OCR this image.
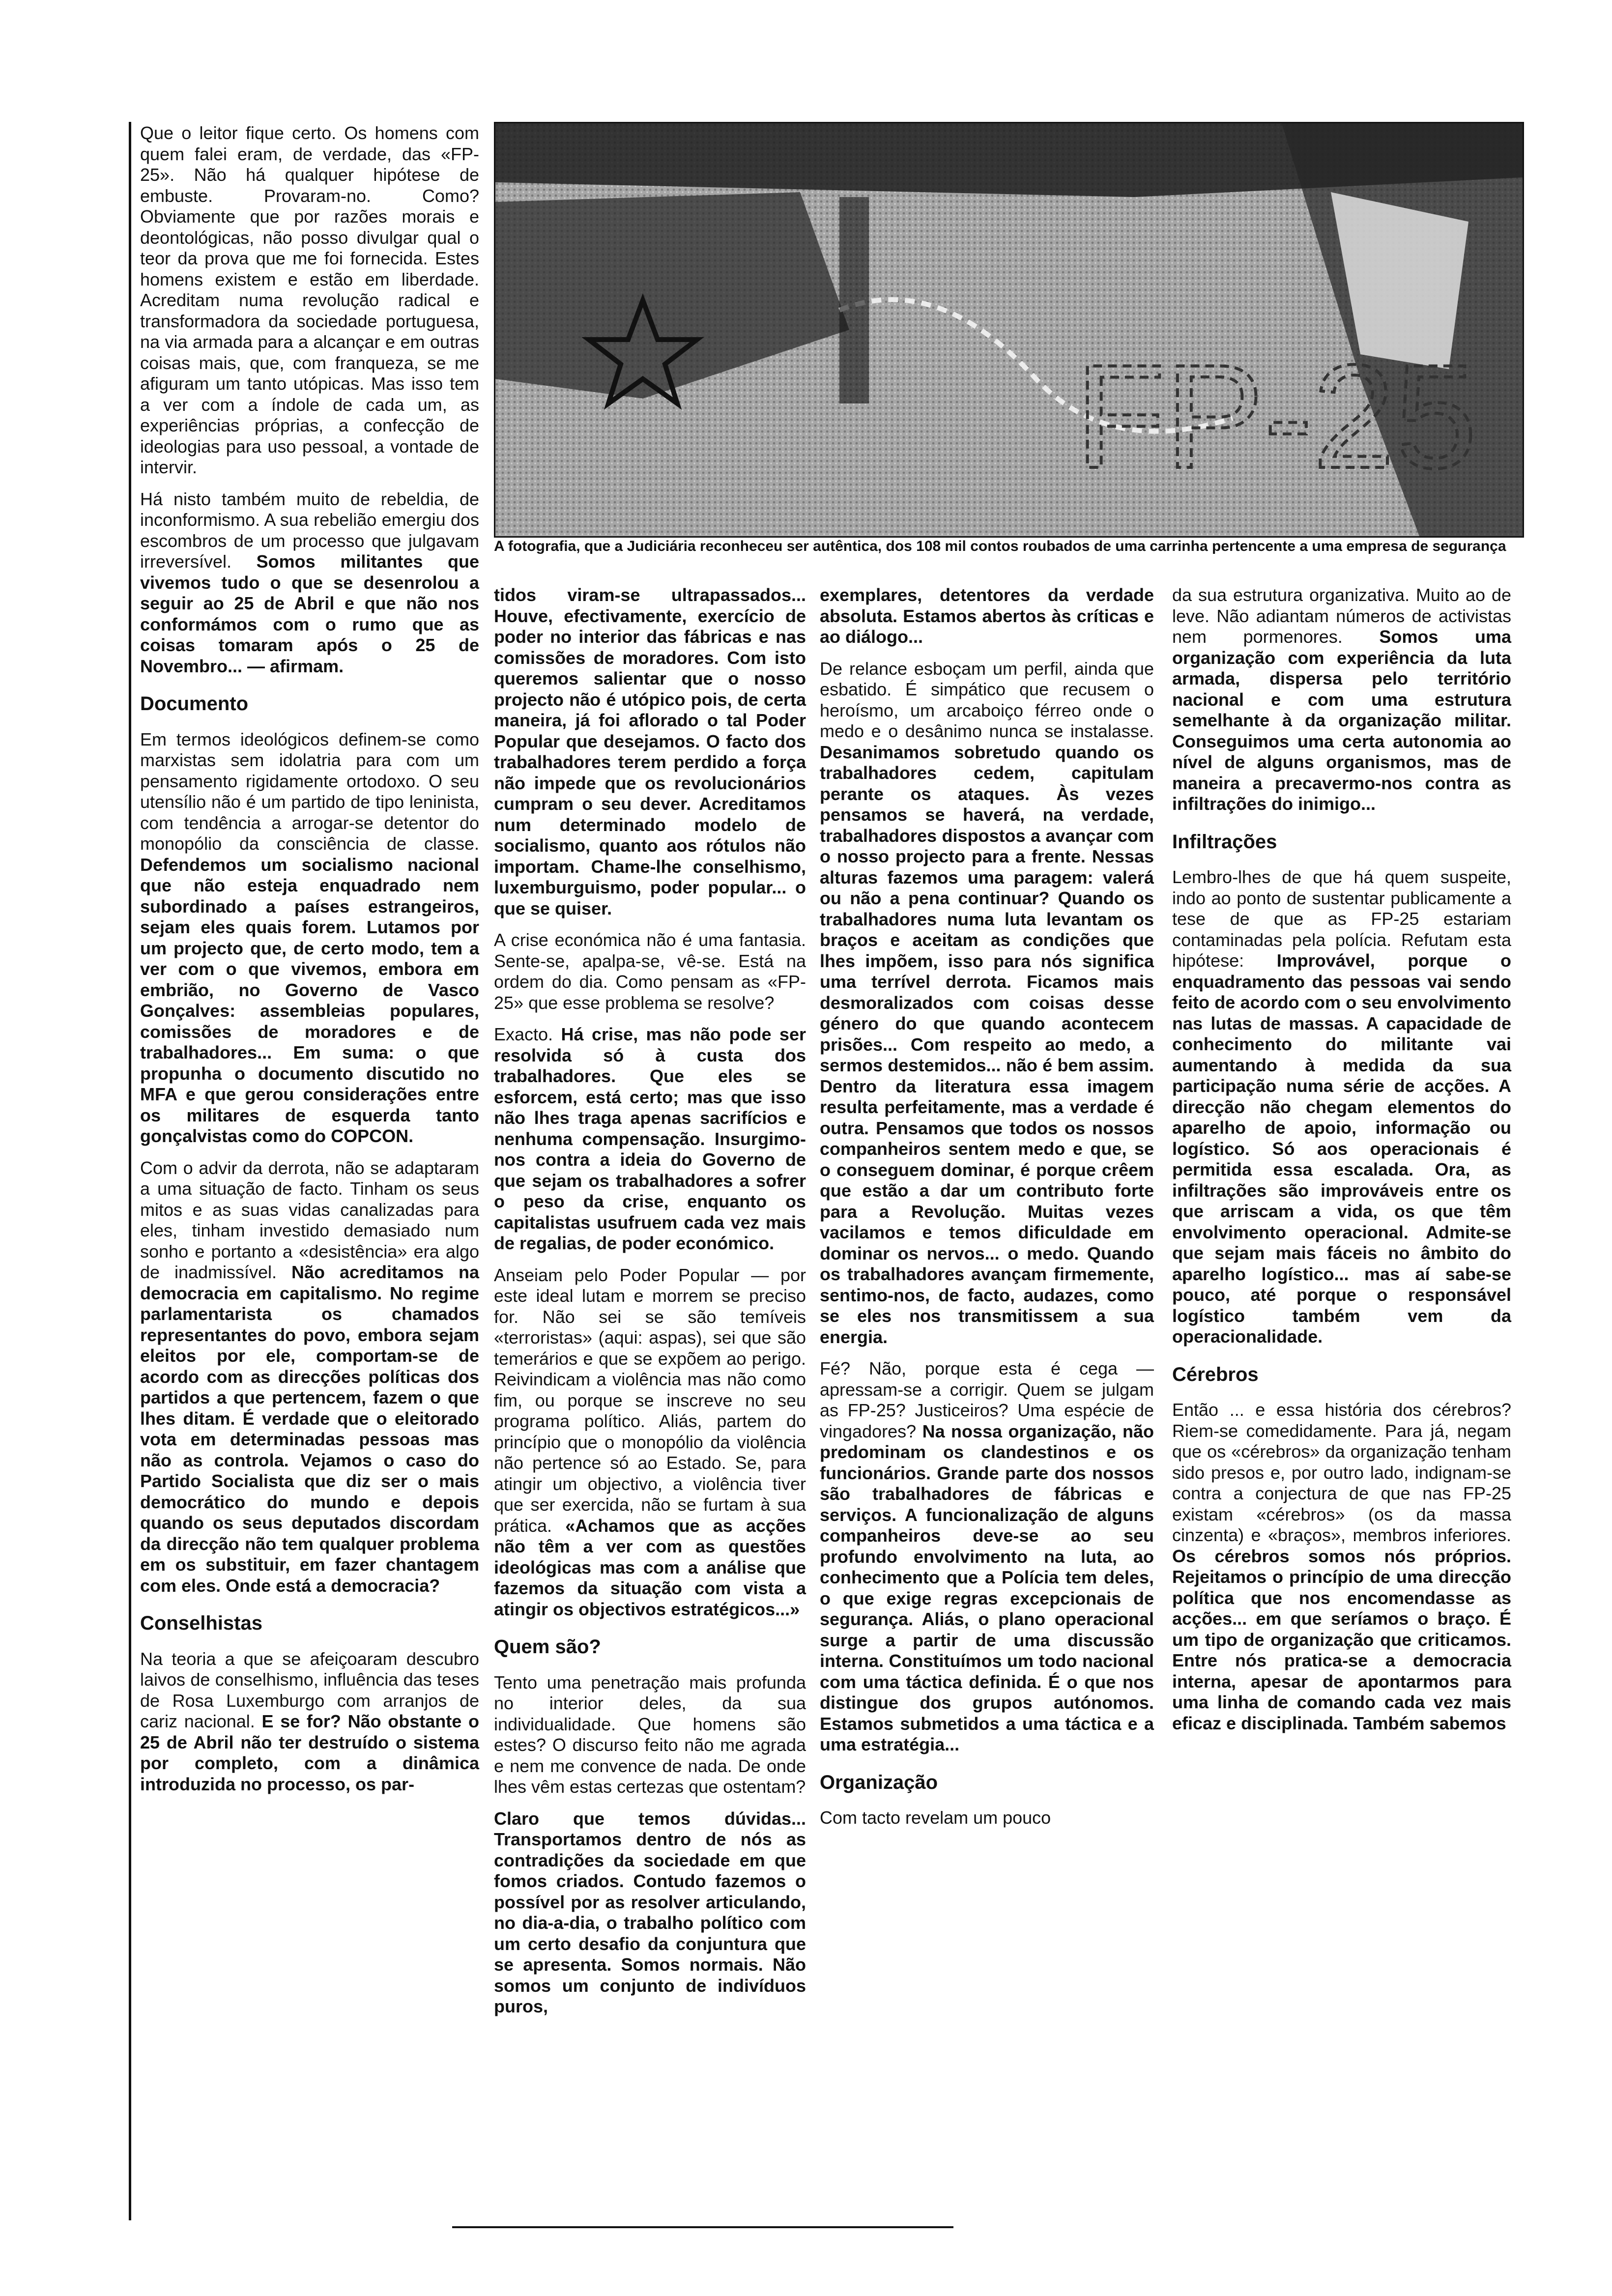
FP-25
A fotografia, que a Judiciária reconheceu ser autêntica, dos 108 mil contos roubados de uma carrinha pertencente a uma empresa de segurança

Que o leitor fique certo. Os homens com quem falei eram, de verdade, das «FP-25». Não há qualquer hipótese de embuste. Provaram-no. Como? Obviamente que por razões morais e deontológicas, não posso divulgar qual o teor da prova que me foi fornecida. Estes homens existem e estão em liberdade. Acreditam numa revolução radical e transformadora da sociedade portuguesa, na via armada para a alcançar e em outras coisas mais, que, com franqueza, se me afiguram um tanto utópicas. Mas isso tem a ver com a índole de cada um, as experiências próprias, a confecção de ideologias para uso pessoal, a vontade de intervir.

Há nisto também muito de rebeldia, de inconformismo. A sua rebelião emergiu dos escombros de um processo que julgavam irreversível. Somos militantes que vivemos tudo o que se desenrolou a seguir ao 25 de Abril e que não nos conformámos com o rumo que as coisas tomaram após o 25 de Novembro... — afirmam.

Documento

Em termos ideológicos definem-se como marxistas sem idolatria para com um pensamento rigidamente ortodoxo. O seu utensílio não é um partido de tipo leninista, com tendência a arrogar-se detentor do monopólio da consciência de classe. Defendemos um socialismo nacional que não esteja enquadrado nem subordinado a países estrangeiros, sejam eles quais forem. Lutamos por um projecto que, de certo modo, tem a ver com o que vivemos, embora em embrião, no Governo de Vasco Gonçalves: assembleias populares, comissões de moradores e de trabalhadores... Em suma: o que propunha o documento discutido no MFA e que gerou considerações entre os militares de esquerda tanto gonçalvistas como do COPCON.

Com o advir da derrota, não se adaptaram a uma situação de facto. Tinham os seus mitos e as suas vidas canalizadas para eles, tinham investido demasiado num sonho e portanto a «desistência» era algo de inadmissível. Não acreditamos na democracia em capitalismo. No regime parlamentarista os chamados representantes do povo, embora sejam eleitos por ele, comportam-se de acordo com as direcções políticas dos partidos a que pertencem, fazem o que lhes ditam. É verdade que o eleitorado vota em determinadas pessoas mas não as controla. Vejamos o caso do Partido Socialista que diz ser o mais democrático do mundo e depois quando os seus deputados discordam da direcção não tem qualquer problema em os substituir, em fazer chantagem com eles. Onde está a democracia?

Conselhistas

Na teoria a que se afeiçoaram descubro laivos de conselhismo, influência das teses de Rosa Luxemburgo com arranjos de cariz nacional. E se for? Não obstante o 25 de Abril não ter destruído o sistema por completo, com a dinâmica introduzida no processo, os par-

tidos viram-se ultrapassados... Houve, efectivamente, exercício de poder no interior das fábricas e nas comissões de moradores. Com isto queremos salientar que o nosso projecto não é utópico pois, de certa maneira, já foi aflorado o tal Poder Popular que desejamos. O facto dos trabalhadores terem perdido a força não impede que os revolucionários cumpram o seu dever. Acreditamos num determinado modelo de socialismo, quanto aos rótulos não importam. Chame-lhe conselhismo, luxemburguismo, poder popular... o que se quiser.

A crise económica não é uma fantasia. Sente-se, apalpa-se, vê-se. Está na ordem do dia. Como pensam as «FP-25» que esse problema se resolve?

Exacto. Há crise, mas não pode ser resolvida só à custa dos trabalhadores. Que eles se esforcem, está certo; mas que isso não lhes traga apenas sacrifícios e nenhuma compensação. Insurgimo-nos contra a ideia do Governo de que sejam os trabalhadores a sofrer o peso da crise, enquanto os capitalistas usufruem cada vez mais de regalias, de poder económico.

Anseiam pelo Poder Popular — por este ideal lutam e morrem se preciso for. Não sei se são temíveis «terroristas» (aqui: aspas), sei que são temerários e que se expõem ao perigo. Reivindicam a violência mas não como fim, ou porque se inscreve no seu programa político. Aliás, partem do princípio que o monopólio da violência não pertence só ao Estado. Se, para atingir um objectivo, a violência tiver que ser exercida, não se furtam à sua prática. «Achamos que as acções não têm a ver com as questões ideológicas mas com a análise que fazemos da situação com vista a atingir os objectivos estratégicos...»

Quem são?

Tento uma penetração mais profunda no interior deles, da sua individualidade. Que homens são estes? O discurso feito não me agrada e nem me convence de nada. De onde lhes vêm estas certezas que ostentam?

Claro que temos dúvidas... Transportamos dentro de nós as contradições da sociedade em que fomos criados. Contudo fazemos o possível por as resolver articulando, no dia-a-dia, o trabalho político com um certo desafio da conjuntura que se apresenta. Somos normais. Não somos um conjunto de indivíduos puros,

exemplares, detentores da verdade absoluta. Estamos abertos às críticas e ao diálogo...

De relance esboçam um perfil, ainda que esbatido. É simpático que recusem o heroísmo, um arcaboiço férreo onde o medo e o desânimo nunca se instalasse. Desanimamos sobretudo quando os trabalhadores cedem, capitulam perante os ataques. Às vezes pensamos se haverá, na verdade, trabalhadores dispostos a avançar com o nosso projecto para a frente. Nessas alturas fazemos uma paragem: valerá ou não a pena continuar? Quando os trabalhadores numa luta levantam os braços e aceitam as condições que lhes impõem, isso para nós significa uma terrível derrota. Ficamos mais desmoralizados com coisas desse género do que quando acontecem prisões... Com respeito ao medo, a sermos destemidos... não é bem assim. Dentro da literatura essa imagem resulta perfeitamente, mas a verdade é outra. Pensamos que todos os nossos companheiros sentem medo e que, se o conseguem dominar, é porque crêem que estão a dar um contributo forte para a Revolução. Muitas vezes vacilamos e temos dificuldade em dominar os nervos... o medo. Quando os trabalhadores avançam firmemente, sentimo-nos, de facto, audazes, como se eles nos transmitissem a sua energia.

Fé? Não, porque esta é cega — apressam-se a corrigir. Quem se julgam as FP-25? Justiceiros? Uma espécie de vingadores? Na nossa organização, não predominam os clandestinos e os funcionários. Grande parte dos nossos são trabalhadores de fábricas e serviços. A funcionalização de alguns companheiros deve-se ao seu profundo envolvimento na luta, ao conhecimento que a Polícia tem deles, o que exige regras excepcionais de segurança. Aliás, o plano operacional surge a partir de uma discussão interna. Constituímos um todo nacional com uma táctica definida. É o que nos distingue dos grupos autónomos. Estamos submetidos a uma táctica e a uma estratégia...

Organização

Com tacto revelam um pouco

da sua estrutura organizativa. Muito ao de leve. Não adiantam números de activistas nem pormenores. Somos uma organização com experiência da luta armada, dispersa pelo território nacional e com uma estrutura semelhante à da organização militar. Conseguimos uma certa autonomia ao nível de alguns organismos, mas de maneira a precavermo-nos contra as infiltrações do inimigo...

Infiltrações

Lembro-lhes de que há quem suspeite, indo ao ponto de sustentar publicamente a tese de que as FP-25 estariam contaminadas pela polícia. Refutam esta hipótese: Improvável, porque o enquadramento das pessoas vai sendo feito de acordo com o seu envolvimento nas lutas de massas. A capacidade de conhecimento do militante vai aumentando à medida da sua participação numa série de acções. A direcção não chegam elementos do aparelho de apoio, informação ou logístico. Só aos operacionais é permitida essa escalada. Ora, as infiltrações são improváveis entre os que arriscam a vida, os que têm envolvimento operacional. Admite-se que sejam mais fáceis no âmbito do aparelho logístico... mas aí sabe-se pouco, até porque o responsável logístico também vem da operacionalidade.

Cérebros

Então ... e essa história dos cérebros? Riem-se comedidamente. Para já, negam que os «cérebros» da organização tenham sido presos e, por outro lado, indignam-se contra a conjectura de que nas FP-25 existam «cérebros» (os da massa cinzenta) e «braços», membros inferiores. Os cérebros somos nós próprios. Rejeitamos o princípio de uma direcção política que nos encomendasse as acções... em que seríamos o braço. É um tipo de organização que criticamos. Entre nós pratica-se a democracia interna, apesar de apontarmos para uma linha de comando cada vez mais eficaz e disciplinada. Também sabemos
